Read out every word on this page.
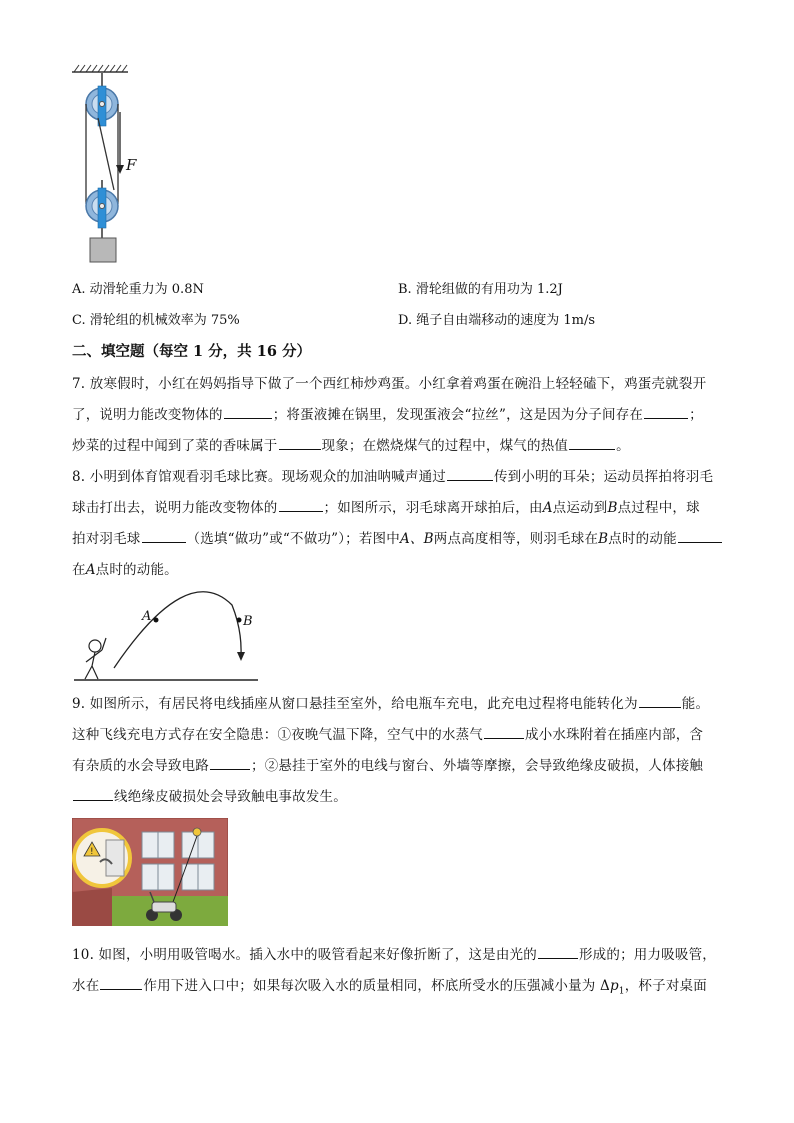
F
A. 动滑轮重力为 0.8N	B. 滑轮组做的有用功为 1.2J
C. 滑轮组的机械效率为 75%	D. 绳子自由端移动的速度为 1m/s
二、填空题（每空 1 分，共 16 分）
7. 放寒假时，小红在妈妈指导下做了一个西红柿炒鸡蛋。小红拿着鸡蛋在碗沿上轻轻磕下，鸡蛋壳就裂开
了，说明力能改变物体的	；将蛋液摊在锅里，发现蛋液会“拉丝”，这是因为分子间存在	；
炒菜的过程中闻到了菜的香味属于	现象；在燃烧煤气的过程中，煤气的热值	。
8. 小明到体育馆观看羽毛球比赛。现场观众的加油呐喊声通过	传到小明的耳朵；运动员挥拍将羽毛
球击打出去，说明力能改变物体的	；如图所示，羽毛球离开球拍后，由A点运动到B点过程中，球
拍对羽毛球	（选填“做功”或“不做功”）；若图中A、B两点高度相等，则羽毛球在B点时的动能
在A点时的动能。
A	B
9. 如图所示，有居民将电线插座从窗口悬挂至室外，给电瓶车充电，此充电过程将电能转化为	能。
这种飞线充电方式存在安全隐患：①夜晚气温下降，空气中的水蒸气	成小水珠附着在插座内部，含
有杂质的水会导致电路	；②悬挂于室外的电线与窗台、外墙等摩擦，会导致绝缘皮破损，人体接触
线绝缘皮破损处会导致触电事故发生。
!
10. 如图，小明用吸管喝水。插入水中的吸管看起来好像折断了，这是由光的	形成的；用力吸吸管，
水在	作用下进入口中；如果每次吸入水的质量相同，杯底所受水的压强减小量为 $\Delta p_1$，杯子对桌面
